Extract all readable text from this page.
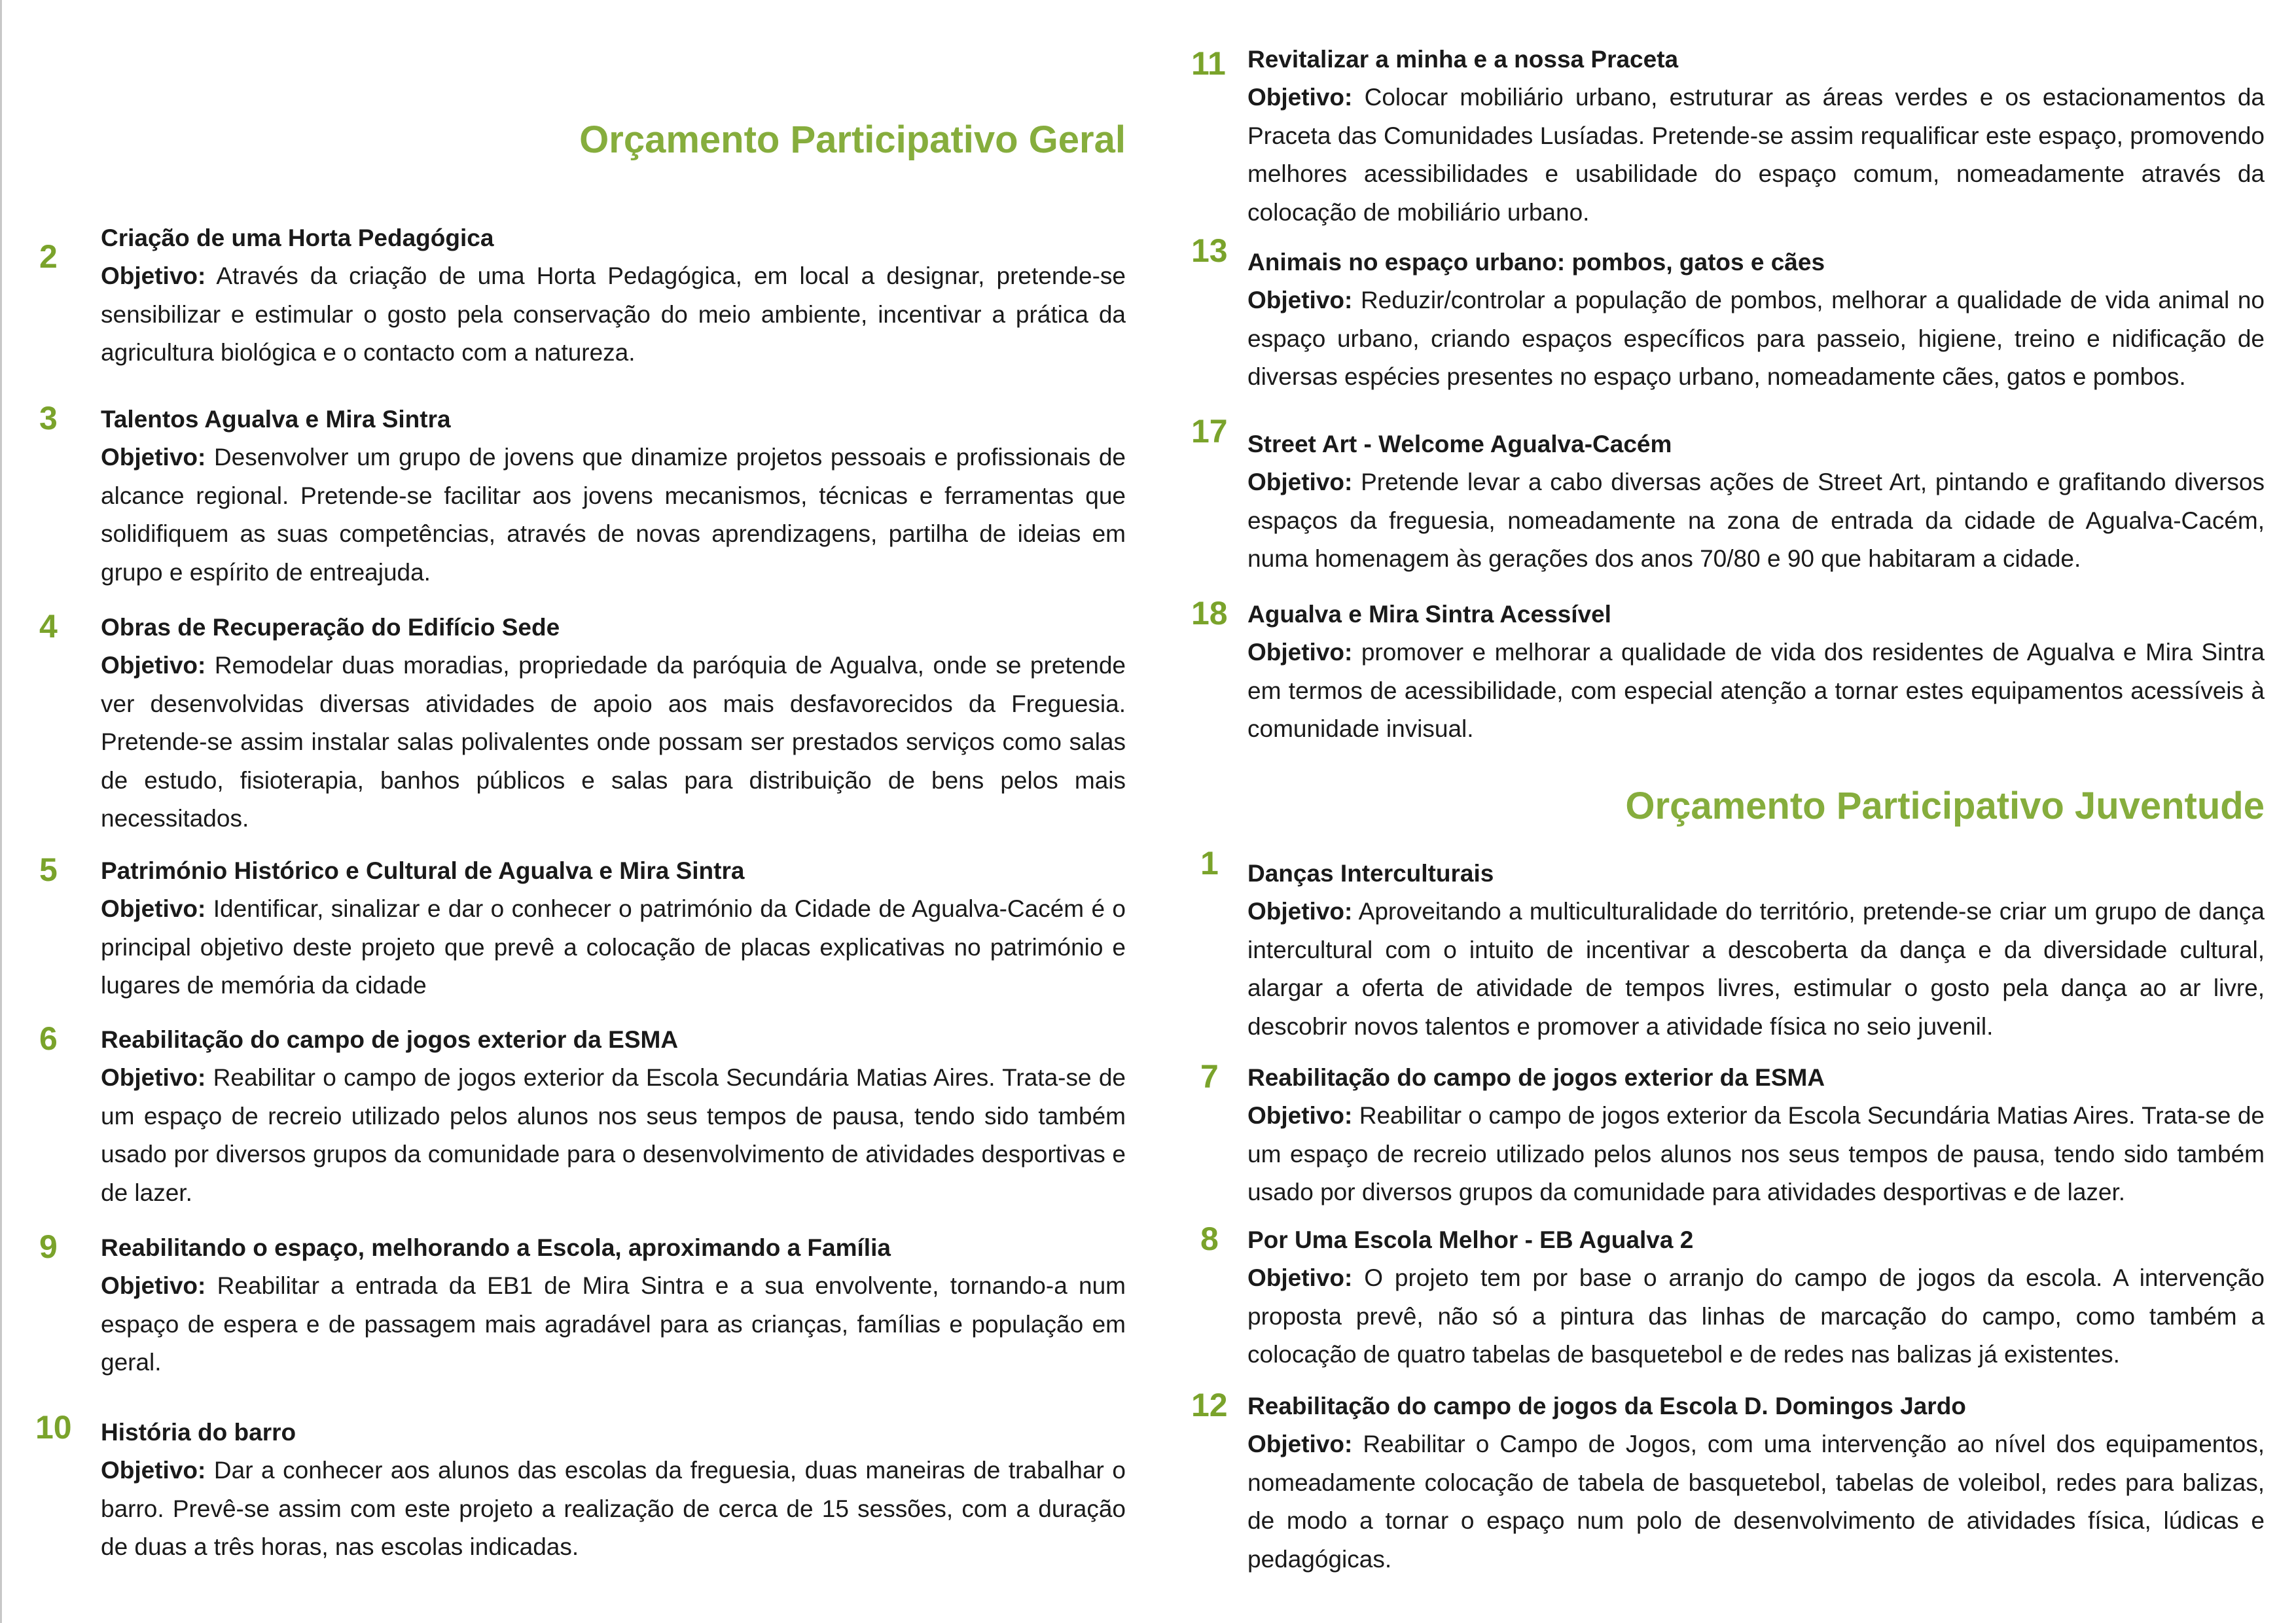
Orçamento Participativo Geral
2
Criação de uma Horta Pedagógica
Objetivo: Através da criação de uma Horta Pedagógica, em local a designar, pretende-se sensibilizar e estimular o gosto pela conservação do meio ambiente, incentivar a prática da agricultura biológica e o contacto com a natureza.
3 Talentos Agualva e Mira Sintra
Objetivo: Desenvolver um grupo de jovens que dinamize projetos pessoais e profissionais de alcance regional. Pretende-se facilitar aos jovens mecanismos, técnicas e ferramentas que solidifiquem as suas competências, através de novas aprendizagens, partilha de ideias em grupo e espírito de entreajuda.
4 Obras de Recuperação do Edifício Sede
Objetivo: Remodelar duas moradias, propriedade da paróquia de Agualva, onde se pretende ver desenvolvidas diversas atividades de apoio aos mais desfavorecidos da Freguesia. Pretende-se assim instalar salas polivalentes onde possam ser prestados serviços como salas de estudo, fisioterapia, banhos públicos e salas para distribuição de bens pelos mais necessitados.
5 Património Histórico e Cultural de Agualva e Mira Sintra
Objetivo: Identificar, sinalizar e dar o conhecer o património da Cidade de Agualva-Cacém é o principal objetivo deste projeto que prevê a colocação de placas explicativas no património e lugares de memória da cidade
6 Reabilitação do campo de jogos exterior da ESMA
Objetivo: Reabilitar o campo de jogos exterior da Escola Secundária Matias Aires. Trata-se de um espaço de recreio utilizado pelos alunos nos seus tempos de pausa, tendo sido também usado por diversos grupos da comunidade para o desenvolvimento de atividades desportivas e de lazer.
9 Reabilitando o espaço, melhorando a Escola, aproximando a Família
Objetivo: Reabilitar a entrada da EB1 de Mira Sintra e a sua envolvente, tornando-a num espaço de espera e de passagem mais agradável para as crianças, famílias e população em geral.
10 História do barro
Objetivo: Dar a conhecer aos alunos das escolas da freguesia, duas maneiras de trabalhar o barro. Prevê-se assim com este projeto a realização de cerca de 15 sessões, com a duração de duas a três horas, nas escolas indicadas.
11 Revitalizar a minha e a nossa Praceta
Objetivo: Colocar mobiliário urbano, estruturar as áreas verdes e os estacionamentos da Praceta das Comunidades Lusíadas. Pretende-se assim requalificar este espaço, promovendo melhores acessibilidades e usabilidade do espaço comum, nomeadamente através da colocação de mobiliário urbano.
13 Animais no espaço urbano: pombos, gatos e cães
Objetivo: Reduzir/controlar a população de pombos, melhorar a qualidade de vida animal no espaço urbano, criando espaços específicos para passeio, higiene, treino e nidificação de diversas espécies presentes no espaço urbano, nomeadamente cães, gatos e pombos.
17 Street Art - Welcome Agualva-Cacém
Objetivo: Pretende levar a cabo diversas ações de Street Art, pintando e grafitando diversos espaços da freguesia, nomeadamente na zona de entrada da cidade de Agualva-Cacém, numa homenagem às gerações dos anos 70/80 e 90 que habitaram a cidade.
18 Agualva e Mira Sintra Acessível
Objetivo: promover e melhorar a qualidade de vida dos residentes de Agualva e Mira Sintra em termos de acessibilidade, com especial atenção a tornar estes equipamentos acessíveis à comunidade invisual.
Orçamento Participativo Juventude
1 Danças Interculturais
Objetivo: Aproveitando a multiculturalidade do território, pretende-se criar um grupo de dança intercultural com o intuito de incentivar a descoberta da dança e da diversidade cultural, alargar a oferta de atividade de tempos livres, estimular o gosto pela dança ao ar livre, descobrir novos talentos e promover a atividade física no seio juvenil.
7 Reabilitação do campo de jogos exterior da ESMA
Objetivo: Reabilitar o campo de jogos exterior da Escola Secundária Matias Aires. Trata-se de um espaço de recreio utilizado pelos alunos nos seus tempos de pausa, tendo sido também usado por diversos grupos da comunidade para atividades desportivas e de lazer.
8 Por Uma Escola Melhor - EB Agualva 2
Objetivo: O projeto tem por base o arranjo do campo de jogos da escola. A intervenção proposta prevê, não só a pintura das linhas de marcação do campo, como também a colocação de quatro tabelas de basquetebol e de redes nas balizas já existentes.
12 Reabilitação do campo de jogos da Escola D. Domingos Jardo
Objetivo: Reabilitar o Campo de Jogos, com uma intervenção ao nível dos equipamentos, nomeadamente colocação de tabela de basquetebol, tabelas de voleibol, redes para balizas, de modo a tornar o espaço num polo de desenvolvimento de atividades física, lúdicas e pedagógicas.
